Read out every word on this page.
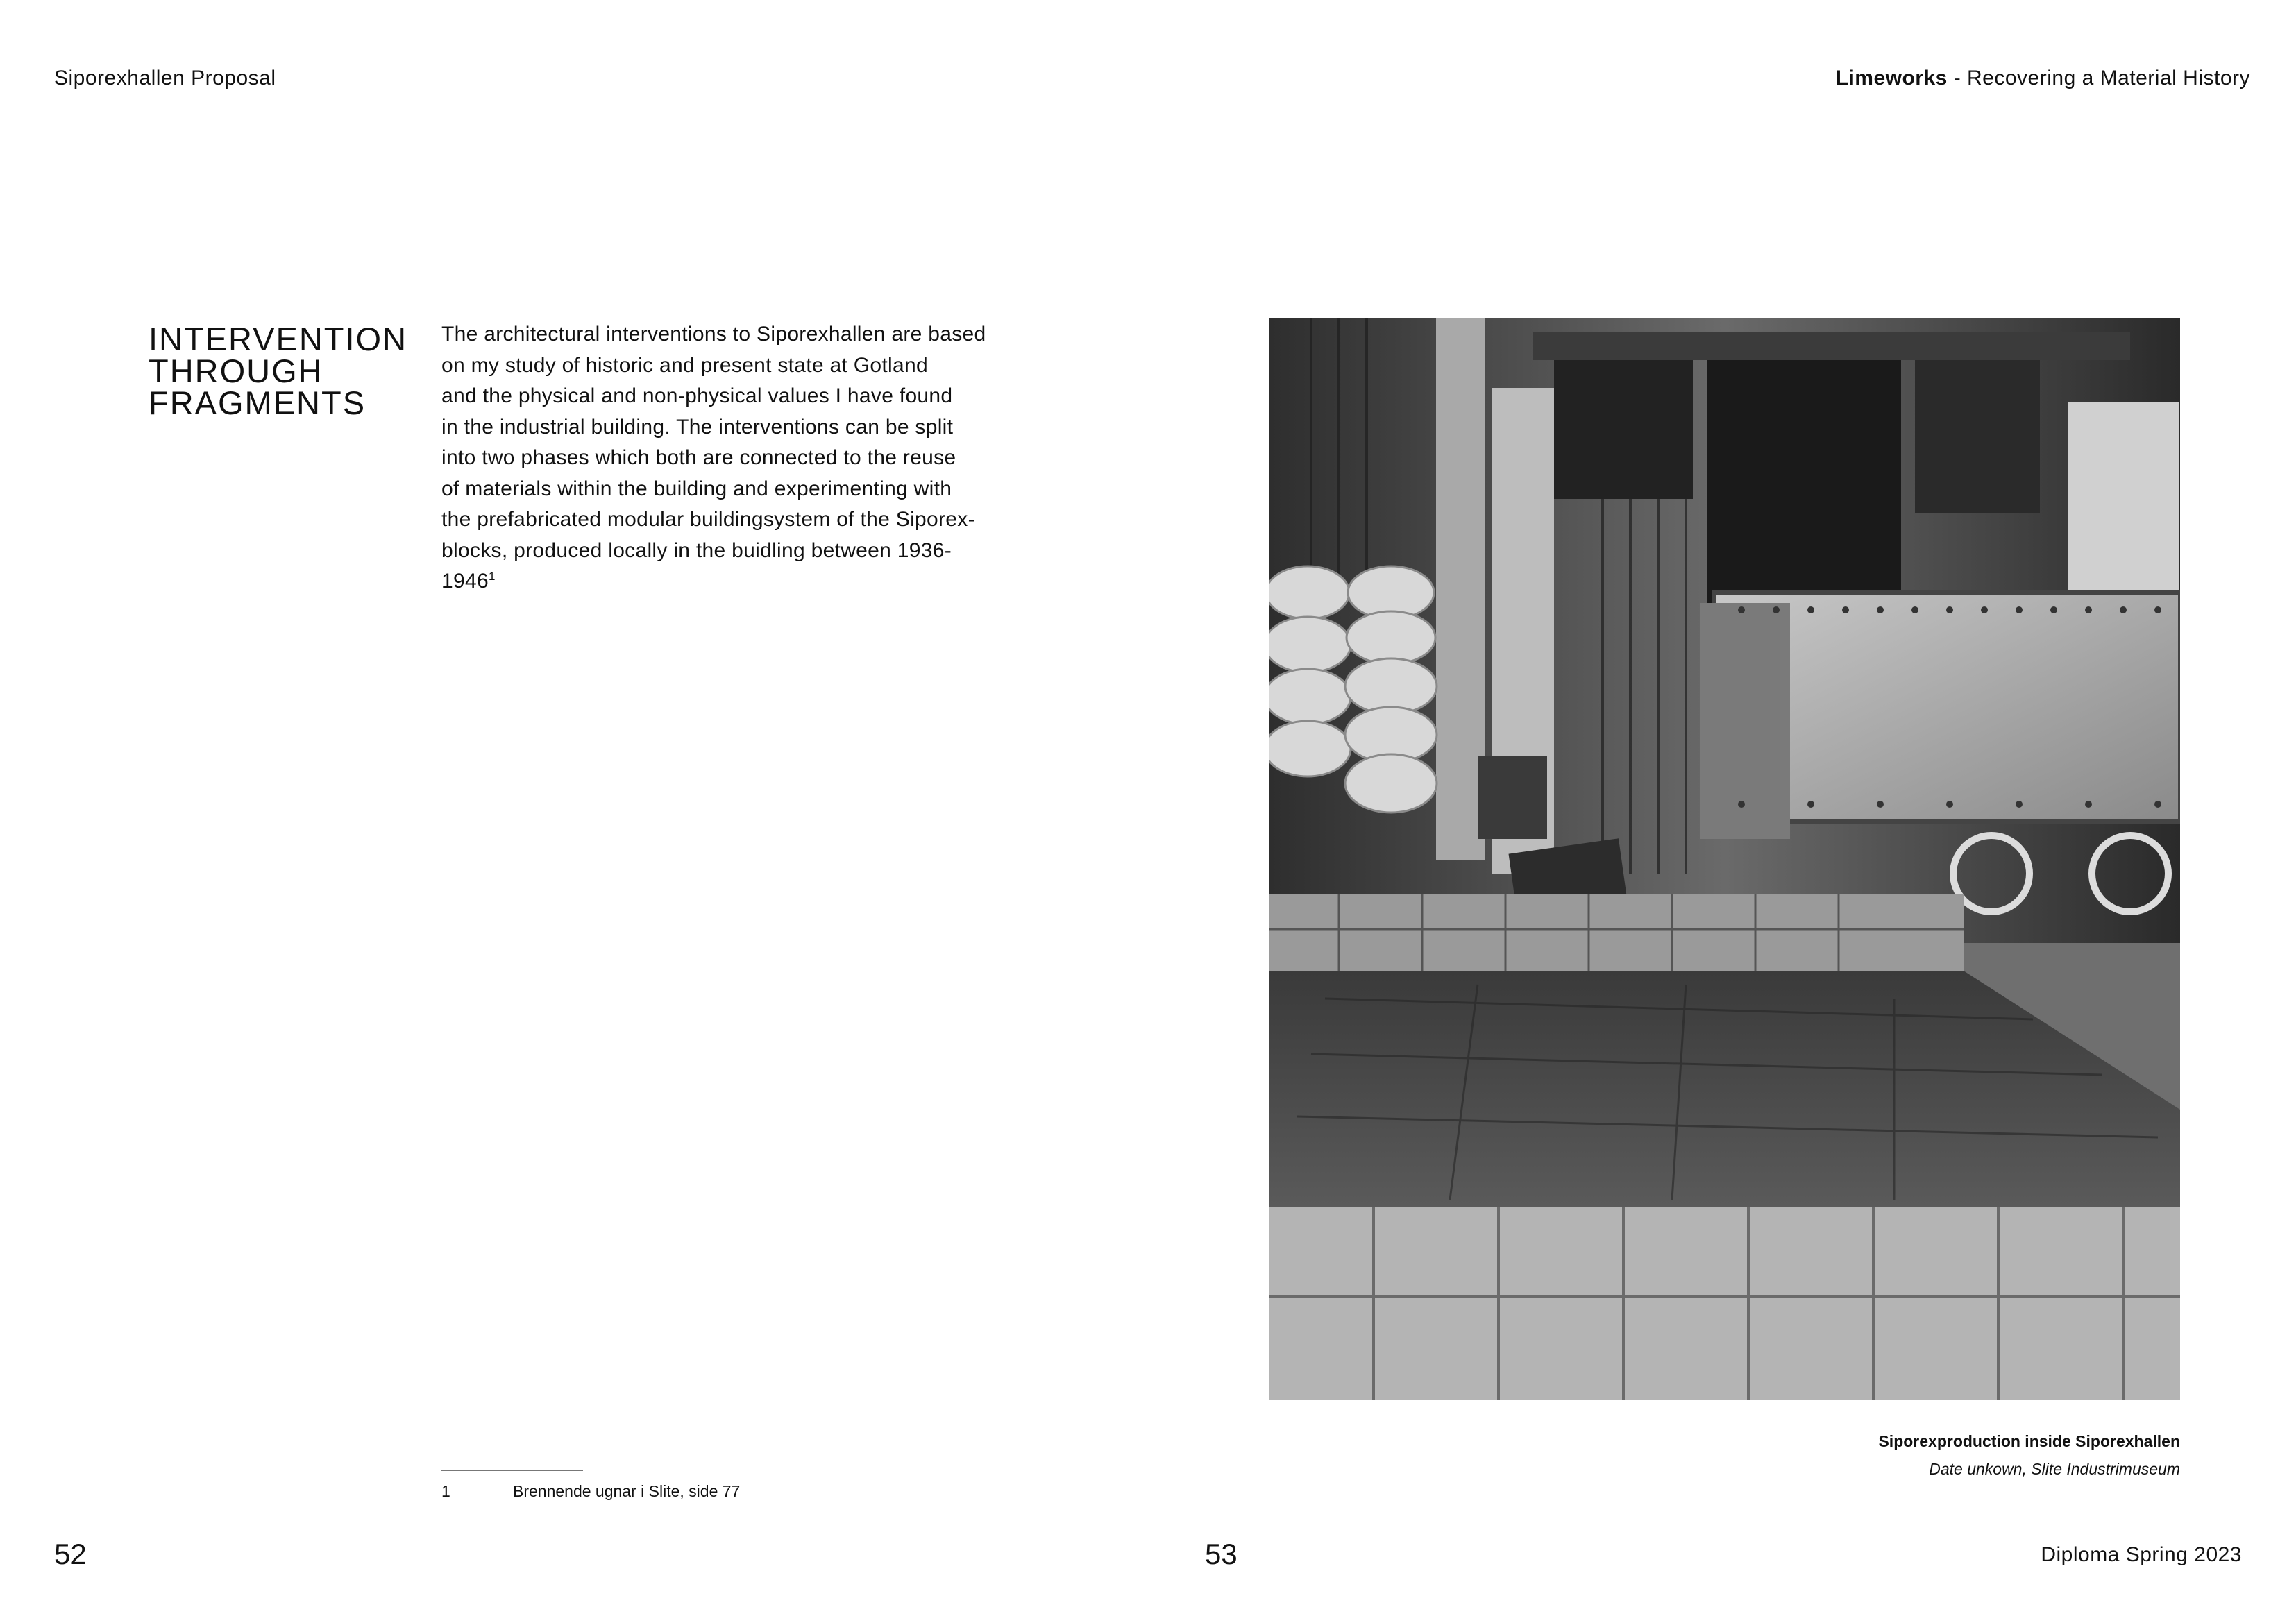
Siporexhallen Proposal	Limeworks - Recovering a Material History
INTERVENTION
THROUGH
FRAGMENTS

The architectural interventions to Siporexhallen are based
on my study of historic and present state at Gotland
and the physical and non-physical values I have found
in the industrial building. The interventions can be split
into two phases which both are connected to the reuse
of materials within the building and experimenting with
the prefabricated modular buildingsystem of the Siporex-
blocks, produced locally in the buidling between 1936-
1946$^1$

1	Brennende ugnar i Slite, side 77
Siporexproduction inside Siporexhallen
Date unkown, Slite Industrimuseum
52	53	Diploma Spring 2023
